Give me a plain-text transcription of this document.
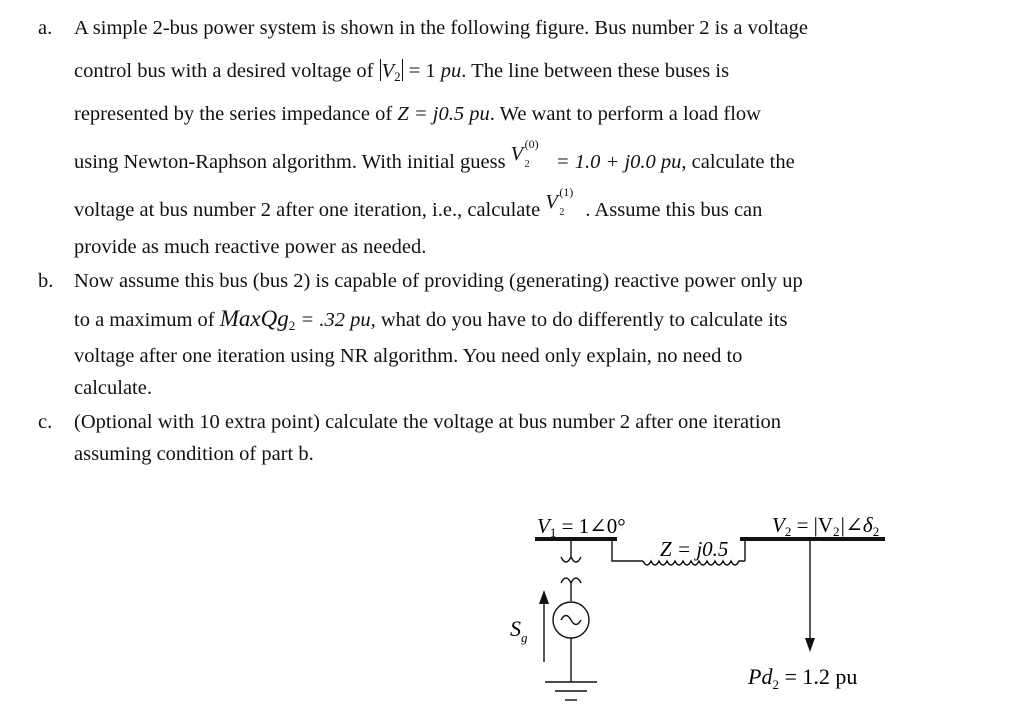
a. A simple 2-bus power system is shown in the following figure. Bus number 2 is a voltage
control bus with a desired voltage of $V_2 = 1$ pu. The line between these buses is
represented by the series impedance of Z = j0.5 pu. We want to perform a load flow
using Newton-Raphson algorithm. With initial guess V (0)
2 = 1.0 + j0.0 pu, calculate the
voltage at bus number 2 after one iteration, i.e., calculate V (1)
2 . Assume this bus can
provide as much reactive power as needed.
b. Now assume this bus (bus 2) is capable of providing (generating) reactive power only up
to a maximum of MaxQg$_2$ = .32 pu, what do you have to do differently to calculate its
voltage after one iteration using NR algorithm. You need only explain, no need to
calculate.
c. (Optional with 10 extra point) calculate the voltage at bus number 2 after one iteration
assuming condition of part b.
V1 = 1∠0°
Z = j0.5
V2 = |V2|∠δ2
$S_g$
$Pd_2 = 1.2$ pu
